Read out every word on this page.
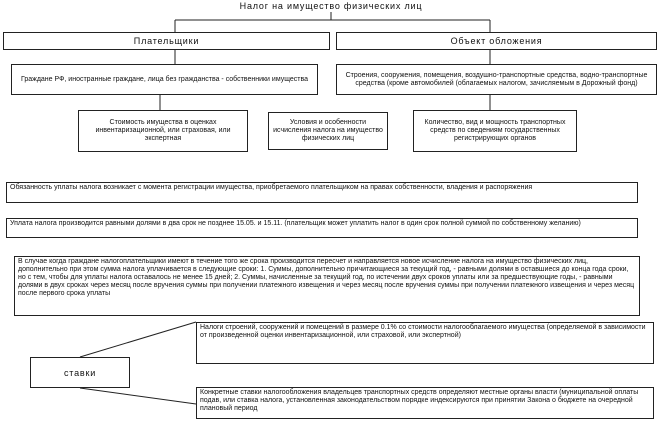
Налог на имущество физических лиц
Плательщики	Объект обложения
Граждане РФ, иностранные граждане, лица без гражданства - собственники имущества
Строения, сооружения, помещения, воздушно-транспортные средства, водно-транспортные средства (кроме автомобилей (облагаемых налогом, зачисляемым в Дорожный фонд)
Стоимость имущества в оценках инвентаризационной, или страховая, или экспертная
Условия и особенности исчисления налога на имущество физических лиц
Количество, вид и мощность транспортных средств по сведениям государственных регистрирующих органов
Обязанность уплаты налога возникает с момента регистрации имущества, приобретаемого плательщиком на правах собственности, владения и распоряжения
Уплата налога производится равными долями в два срок не позднее 15.05. и 15.11. (плательщик может уплатить налог в один срок полной суммой по собственному желанию)
В случае когда граждане налогоплательщики имеют в течение того же срока производится пересчет и направляется новое исчисление налога на имущество физических лиц, дополнительно при этом сумма налога уплачивается в следующие сроки: 1. Суммы, дополнительно причитающиеся за текущий год, - равными долями в оставшиеся до конца года сроки, но с тем, чтобы для уплаты налога оставалось не менее 15 дней; 2. Суммы, начисленные за текущий год, по истечении двух сроков уплаты или за предшествующие годы, - равными долями в двух сроках через месяц после вручения суммы при получении платежного извещения и через месяц после вручения суммы при получении платежного извещения и через месяц после первого срока уплаты
ставки
Налоги строений, сооружений и помещений в размере 0.1% со стоимости налогооблагаемого имущества (определяемой в зависимости от произведенной оценки инвентаризационной, или страховой, или экспертной)
Конкретные ставки налогообложения владельцев транспортных средств определяют местные органы власти (муниципальной оплаты подав, или ставка налога, установленная законодательством порядке индексируются при принятии Закона о бюджете на очередной плановый период
